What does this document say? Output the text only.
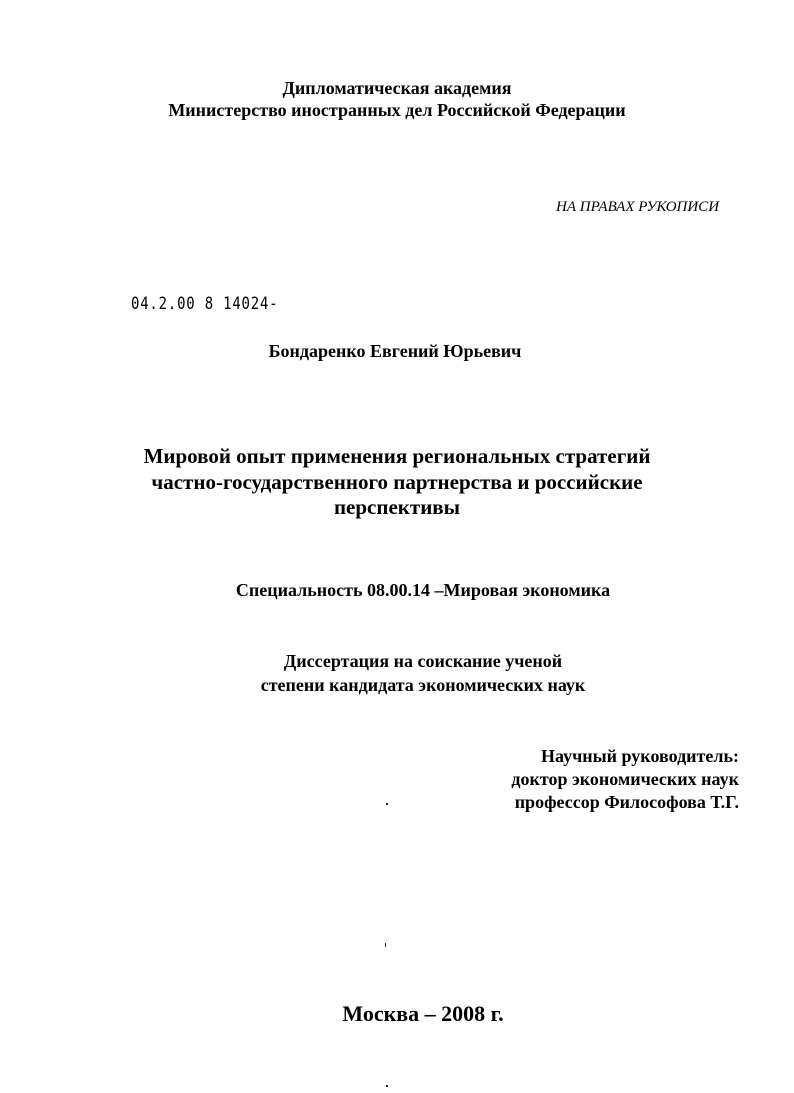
Дипломатическая академия
Министерство иностранных дел Российской Федерации
НА ПРАВАХ РУКОПИСИ
04.2.00 8 14024-
Бондаренко Евгений Юрьевич
Мировой опыт применения региональных стратегий
частно-государственного партнерства и российские
перспективы
Специальность 08.00.14 –Мировая экономика
Диссертация на соискание ученой
степени кандидата экономических наук
Научный руководитель:
доктор экономических наук
профессор Философова Т.Г.
Москва – 2008 г.
